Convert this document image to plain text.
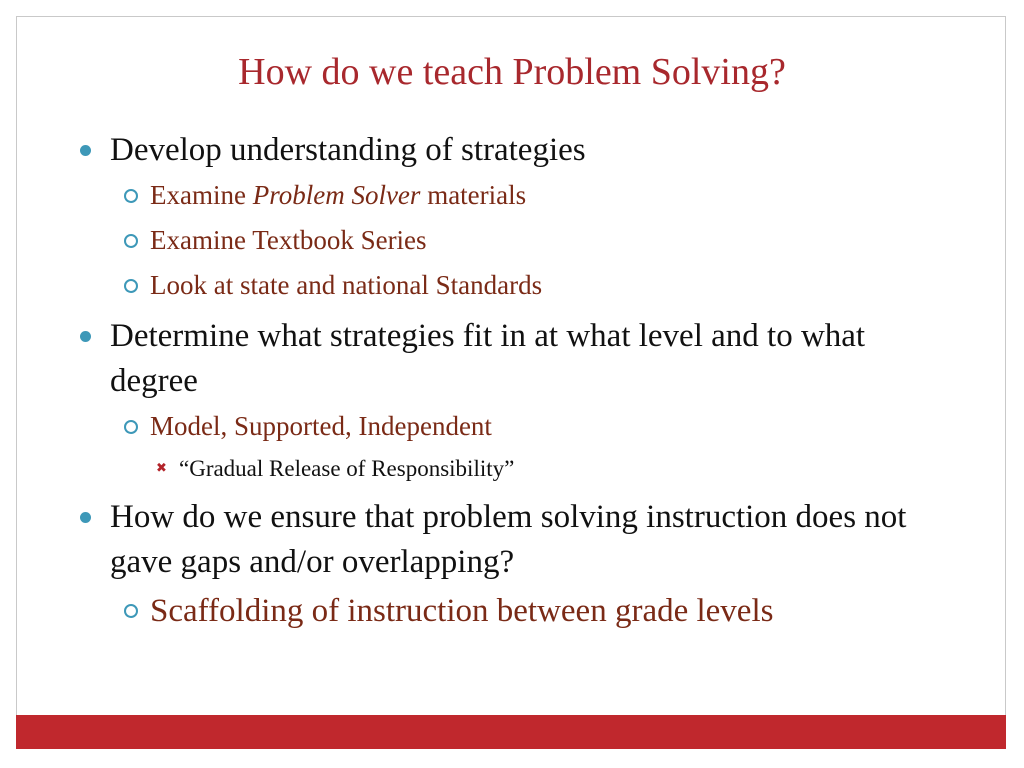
How do we teach Problem Solving?
Develop understanding of strategies
Examine Problem Solver materials
Examine Textbook Series
Look at state and national Standards
Determine what strategies fit in at what level and to what degree
Model, Supported, Independent
✖ “Gradual Release of Responsibility”
How do we ensure that problem solving instruction does not gave gaps and/or overlapping?
Scaffolding of instruction between grade levels
